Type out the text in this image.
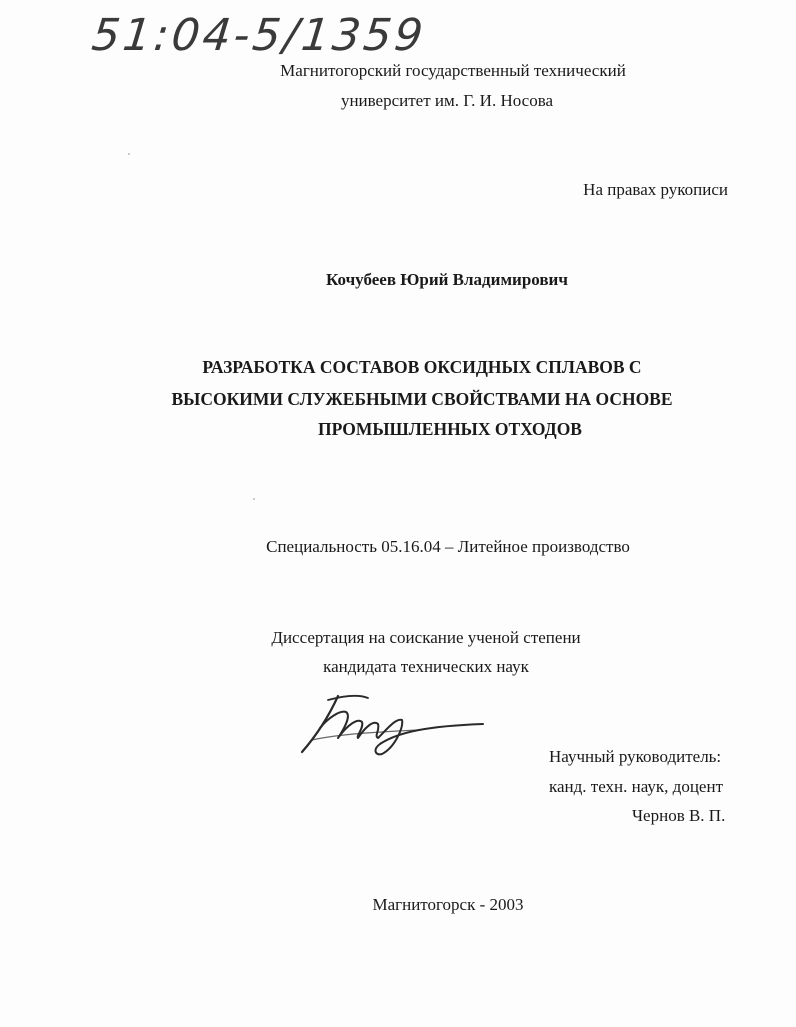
51:04-5/1359
Магнитогорский государственный технический
университет им. Г. И. Носова
На правах рукописи
Кочубеев Юрий Владимирович
РАЗРАБОТКА СОСТАВОВ ОКСИДНЫХ СПЛАВОВ С
ВЫСОКИМИ СЛУЖЕБНЫМИ СВОЙСТВАМИ НА ОСНОВЕ
ПРОМЫШЛЕННЫХ ОТХОДОВ
Специальность 05.16.04 – Литейное производство
Диссертация на соискание ученой степени
кандидата технических наук
Научный руководитель:
канд. техн. наук, доцент
Чернов В. П.
Магнитогорск - 2003
